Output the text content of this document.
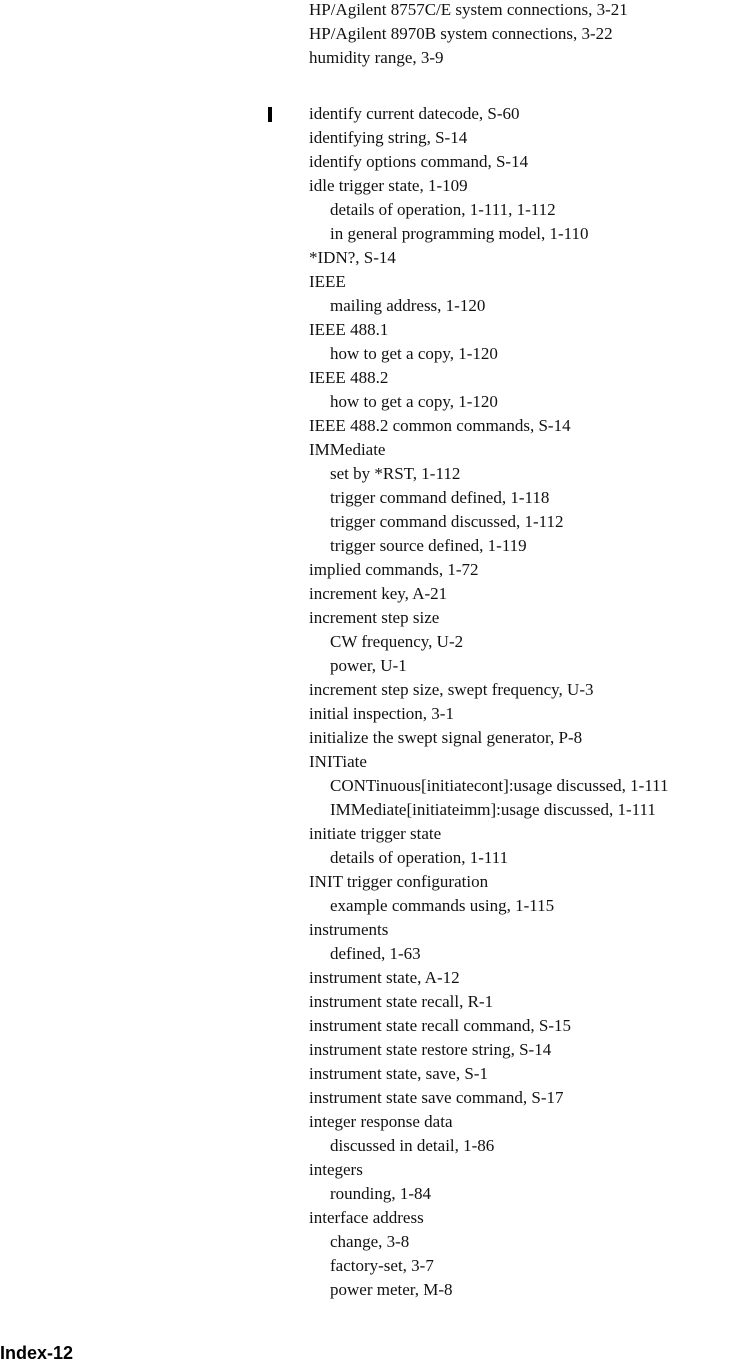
HP/Agilent 8757C/E system connections, 3-21
HP/Agilent 8970B system connections, 3-22
humidity range, 3-9
identify current datecode, S-60
identifying string, S-14
identify options command, S-14
idle trigger state, 1-109
details of operation, 1-111, 1-112
in general programming model, 1-110
*IDN?, S-14
IEEE
mailing address, 1-120
IEEE 488.1
how to get a copy, 1-120
IEEE 488.2
how to get a copy, 1-120
IEEE 488.2 common commands, S-14
IMMediate
set by *RST, 1-112
trigger command defined, 1-118
trigger command discussed, 1-112
trigger source defined, 1-119
implied commands, 1-72
increment key, A-21
increment step size
CW frequency, U-2
power, U-1
increment step size, swept frequency, U-3
initial inspection, 3-1
initialize the swept signal generator, P-8
INITiate
CONTinuous[initiatecont]:usage discussed, 1-111
IMMediate[initiateimm]:usage discussed, 1-111
initiate trigger state
details of operation, 1-111
INIT trigger configuration
example commands using, 1-115
instruments
defined, 1-63
instrument state, A-12
instrument state recall, R-1
instrument state recall command, S-15
instrument state restore string, S-14
instrument state, save, S-1
instrument state save command, S-17
integer response data
discussed in detail, 1-86
integers
rounding, 1-84
interface address
change, 3-8
factory-set, 3-7
power meter, M-8
Index-12
